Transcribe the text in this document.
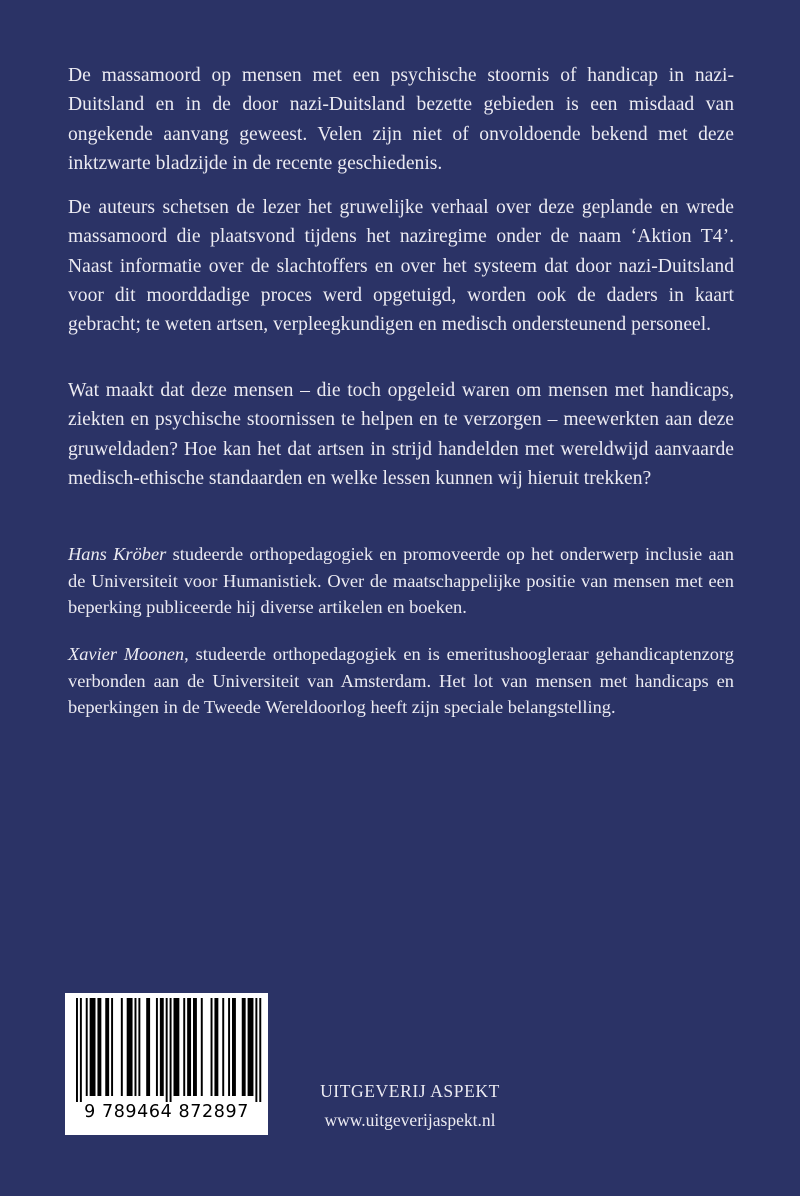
De massamoord op mensen met een psychische stoornis of handicap in nazi-Duitsland en in de door nazi-Duitsland bezette gebieden is een misdaad van ongekende aanvang geweest. Velen zijn niet of onvoldoende bekend met deze inktzwarte bladzijde in de recente geschiedenis.

De auteurs schetsen de lezer het gruwelijke verhaal over deze geplande en wrede massamoord die plaatsvond tijdens het naziregime onder de naam ‘Aktion T4’. Naast informatie over de slachtoffers en over het systeem dat door nazi-Duitsland voor dit moorddadige proces werd opgetuigd, worden ook de daders in kaart gebracht; te weten artsen, verpleegkundigen en medisch ondersteunend personeel.

Wat maakt dat deze mensen – die toch opgeleid waren om mensen met handicaps, ziekten en psychische stoornissen te helpen en te verzorgen – meewerkten aan deze gruweldaden? Hoe kan het dat artsen in strijd handelden met wereldwijd aanvaarde medisch-ethische standaarden en welke lessen kunnen wij hieruit trekken?

Hans Kröber studeerde orthopedagogiek en promoveerde op het onderwerp inclusie aan de Universiteit voor Humanistiek. Over de maatschappelijke positie van mensen met een beperking publiceerde hij diverse artikelen en boeken.

Xavier Moonen, studeerde orthopedagogiek en is emeritushoogleraar gehandicaptenzorg verbonden aan de Universiteit van Amsterdam. Het lot van mensen met handicaps en beperkingen in de Tweede Wereldoorlog heeft zijn speciale belangstelling.

9 789464 872897
UITGEVERIJ ASPEKT
www.uitgeverijaspekt.nl
